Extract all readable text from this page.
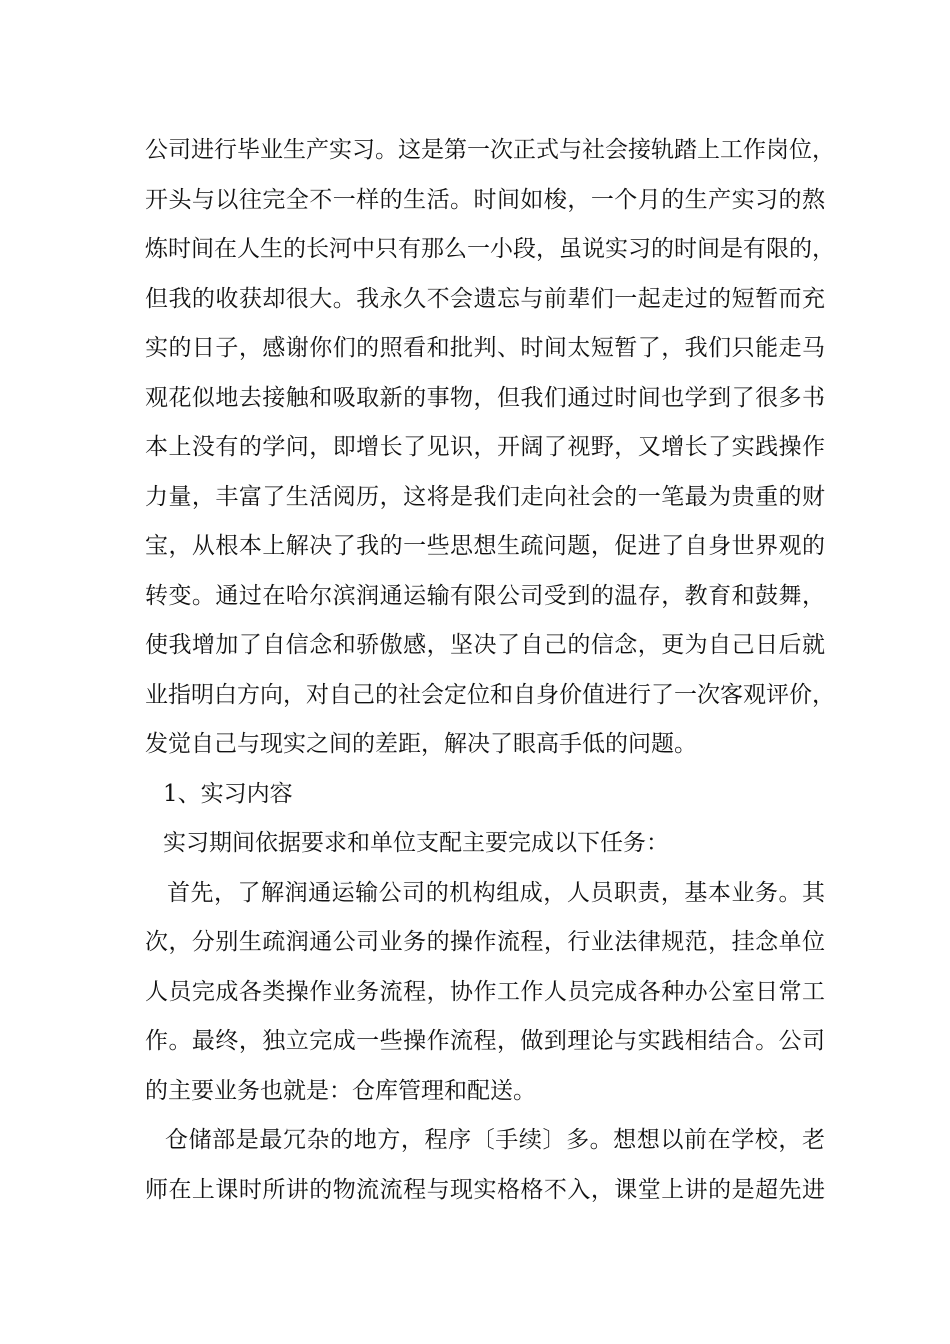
公司进行毕业生产实习。这是第一次正式与社会接轨踏上工作岗位，
开头与以往完全不一样的生活。时间如梭，一个月的生产实习的熬
炼时间在人生的长河中只有那么一小段，虽说实习的时间是有限的，
但我的收获却很大。我永久不会遗忘与前辈们一起走过的短暂而充
实的日子，感谢你们的照看和批判、时间太短暂了，我们只能走马
观花似地去接触和吸取新的事物，但我们通过时间也学到了很多书
本上没有的学问，即增长了见识，开阔了视野，又增长了实践操作
力量，丰富了生活阅历，这将是我们走向社会的一笔最为贵重的财
宝，从根本上解决了我的一些思想生疏问题，促进了自身世界观的
转变。通过在哈尔滨润通运输有限公司受到的温存，教育和鼓舞，
使我增加了自信念和骄傲感，坚决了自己的信念，更为自己日后就
业指明白方向，对自己的社会定位和自身价值进行了一次客观评价，
发觉自己与现实之间的差距，解决了眼高手低的问题。
1、实习内容
实习期间依据要求和单位支配主要完成以下任务：
首先，了解润通运输公司的机构组成，人员职责，基本业务。其
次，分别生疏润通公司业务的操作流程，行业法律规范，挂念单位
人员完成各类操作业务流程，协作工作人员完成各种办公室日常工
作。最终，独立完成一些操作流程，做到理论与实践相结合。公司
的主要业务也就是：仓库管理和配送。
仓储部是最冗杂的地方，程序〔手续〕多。想想以前在学校，老
师在上课时所讲的物流流程与现实格格不入，课堂上讲的是超先进
